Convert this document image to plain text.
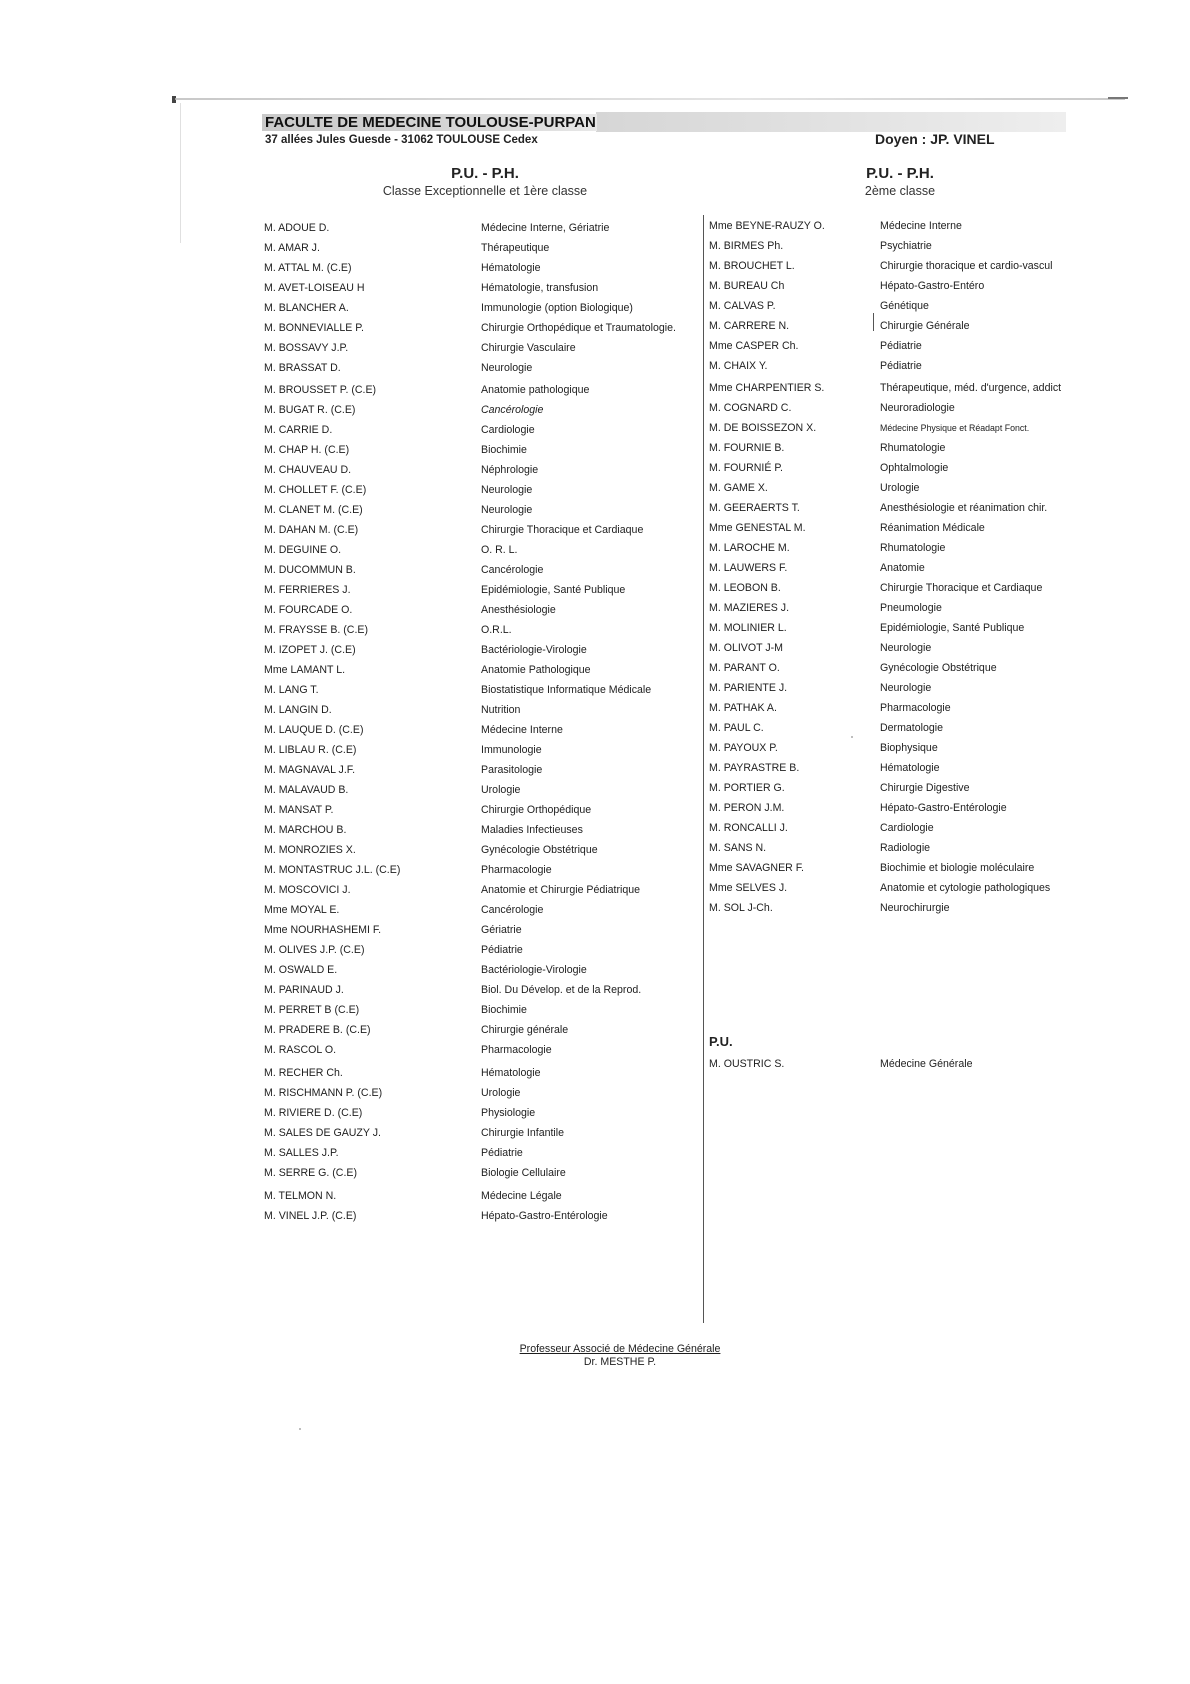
FACULTE DE MEDECINE TOULOUSE-PURPAN
37 allées Jules Guesde - 31062 TOULOUSE Cedex	Doyen : JP. VINEL
P.U. - P.H.
Classe Exceptionnelle et 1ère classe
P.U. - P.H.
2ème classe
M. ADOUE D.	Médecine Interne, Gériatrie
M. AMAR J.	Thérapeutique
M. ATTAL M. (C.E)	Hématologie
M. AVET-LOISEAU H	Hématologie, transfusion
M. BLANCHER A.	Immunologie (option Biologique)
M. BONNEVIALLE P.	Chirurgie Orthopédique et Traumatologie.
M. BOSSAVY J.P.	Chirurgie Vasculaire
M. BRASSAT D.	Neurologie
M. BROUSSET P. (C.E)	Anatomie pathologique
M. BUGAT R. (C.E)	Cancérologie
M. CARRIE D.	Cardiologie
M. CHAP H. (C.E)	Biochimie
M. CHAUVEAU D.	Néphrologie
M. CHOLLET F. (C.E)	Neurologie
M. CLANET M. (C.E)	Neurologie
M. DAHAN M. (C.E)	Chirurgie Thoracique et Cardiaque
M. DEGUINE O.	O. R. L.
M. DUCOMMUN B.	Cancérologie
M. FERRIERES J.	Epidémiologie, Santé Publique
M. FOURCADE O.	Anesthésiologie
M. FRAYSSE B. (C.E)	O.R.L.
M. IZOPET J. (C.E)	Bactériologie-Virologie
Mme LAMANT L.	Anatomie Pathologique
M. LANG T.	Biostatistique Informatique Médicale
M. LANGIN D.	Nutrition
M. LAUQUE D. (C.E)	Médecine Interne
M. LIBLAU R. (C.E)	Immunologie
M. MAGNAVAL J.F.	Parasitologie
M. MALAVAUD B.	Urologie
M. MANSAT P.	Chirurgie Orthopédique
M. MARCHOU B.	Maladies Infectieuses
M. MONROZIES X.	Gynécologie Obstétrique
M. MONTASTRUC J.L. (C.E)	Pharmacologie
M. MOSCOVICI J.	Anatomie et Chirurgie Pédiatrique
Mme MOYAL E.	Cancérologie
Mme NOURHASHEMI F.	Gériatrie
M. OLIVES J.P. (C.E)	Pédiatrie
M. OSWALD E.	Bactériologie-Virologie
M. PARINAUD J.	Biol. Du Dévelop. et de la Reprod.
M. PERRET B (C.E)	Biochimie
M. PRADERE B. (C.E)	Chirurgie générale
M. RASCOL O.	Pharmacologie
M. RECHER Ch.	Hématologie
M. RISCHMANN P. (C.E)	Urologie
M. RIVIERE D. (C.E)	Physiologie
M. SALES DE GAUZY J.	Chirurgie Infantile
M. SALLES J.P.	Pédiatrie
M. SERRE G. (C.E)	Biologie Cellulaire
M. TELMON N.	Médecine Légale
M. VINEL J.P. (C.E)	Hépato-Gastro-Entérologie
Mme BEYNE-RAUZY O.	Médecine Interne
M. BIRMES Ph.	Psychiatrie
M. BROUCHET L.	Chirurgie thoracique et cardio-vascul
M. BUREAU Ch	Hépato-Gastro-Entéro
M. CALVAS P.	Génétique
M. CARRERE N.	Chirurgie Générale
Mme CASPER Ch.	Pédiatrie
M. CHAIX Y.	Pédiatrie
Mme CHARPENTIER S.	Thérapeutique, méd. d'urgence, addict
M. COGNARD C.	Neuroradiologie
M. DE BOISSEZON X.	Médecine Physique et Réadapt Fonct.
M. FOURNIE B.	Rhumatologie
M. FOURNIÉ P.	Ophtalmologie
M. GAME X.	Urologie
M. GEERAERTS T.	Anesthésiologie et réanimation chir.
Mme GENESTAL M.	Réanimation Médicale
M. LAROCHE M.	Rhumatologie
M. LAUWERS F.	Anatomie
M. LEOBON B.	Chirurgie Thoracique et Cardiaque
M. MAZIERES J.	Pneumologie
M. MOLINIER L.	Epidémiologie, Santé Publique
M. OLIVOT J-M	Neurologie
M. PARANT O.	Gynécologie Obstétrique
M. PARIENTE J.	Neurologie
M. PATHAK A.	Pharmacologie
M. PAUL C.	Dermatologie
M. PAYOUX P.	Biophysique
M. PAYRASTRE B.	Hématologie
M. PORTIER G.	Chirurgie Digestive
M. PERON J.M.	Hépato-Gastro-Entérologie
M. RONCALLI J.	Cardiologie
M. SANS N.	Radiologie
Mme SAVAGNER F.	Biochimie et biologie moléculaire
Mme SELVES J.	Anatomie et cytologie pathologiques
M. SOL J-Ch.	Neurochirurgie
P.U.
M. OUSTRIC S.	Médecine Générale
Professeur Associé de Médecine Générale
Dr. MESTHE P.
